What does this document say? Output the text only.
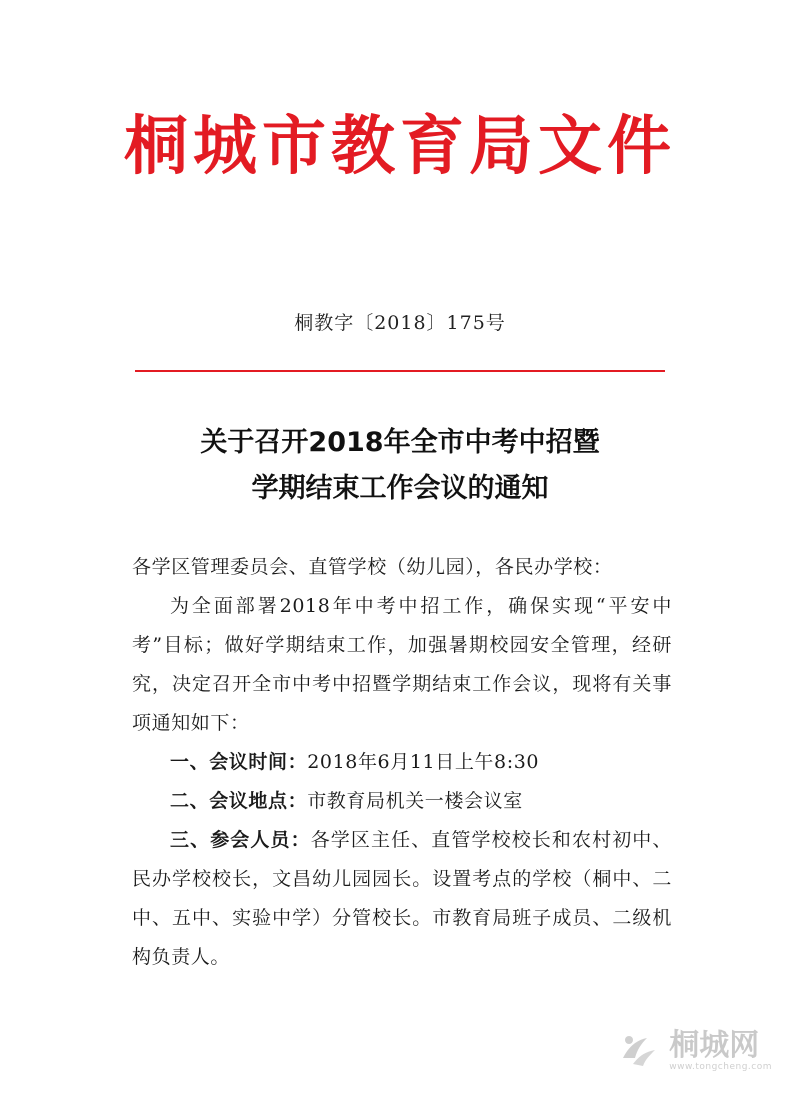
桐城市教育局文件
桐教字〔2018〕175号
关于召开2018年全市中考中招暨
学期结束工作会议的通知

各学区管理委员会、直管学校（幼儿园），各民办学校：

为全面部署2018年中考中招工作，确保实现“平安中考”目标；做好学期结束工作，加强暑期校园安全管理，经研究，决定召开全市中考中招暨学期结束工作会议，现将有关事项通知如下：

一、会议时间：2018年6月11日上午8:30

二、会议地点：市教育局机关一楼会议室

三、参会人员：各学区主任、直管学校校长和农村初中、民办学校校长，文昌幼儿园园长。设置考点的学校（桐中、二中、五中、实验中学）分管校长。市教育局班子成员、二级机构负责人。

桐城网
www.tongcheng.com
